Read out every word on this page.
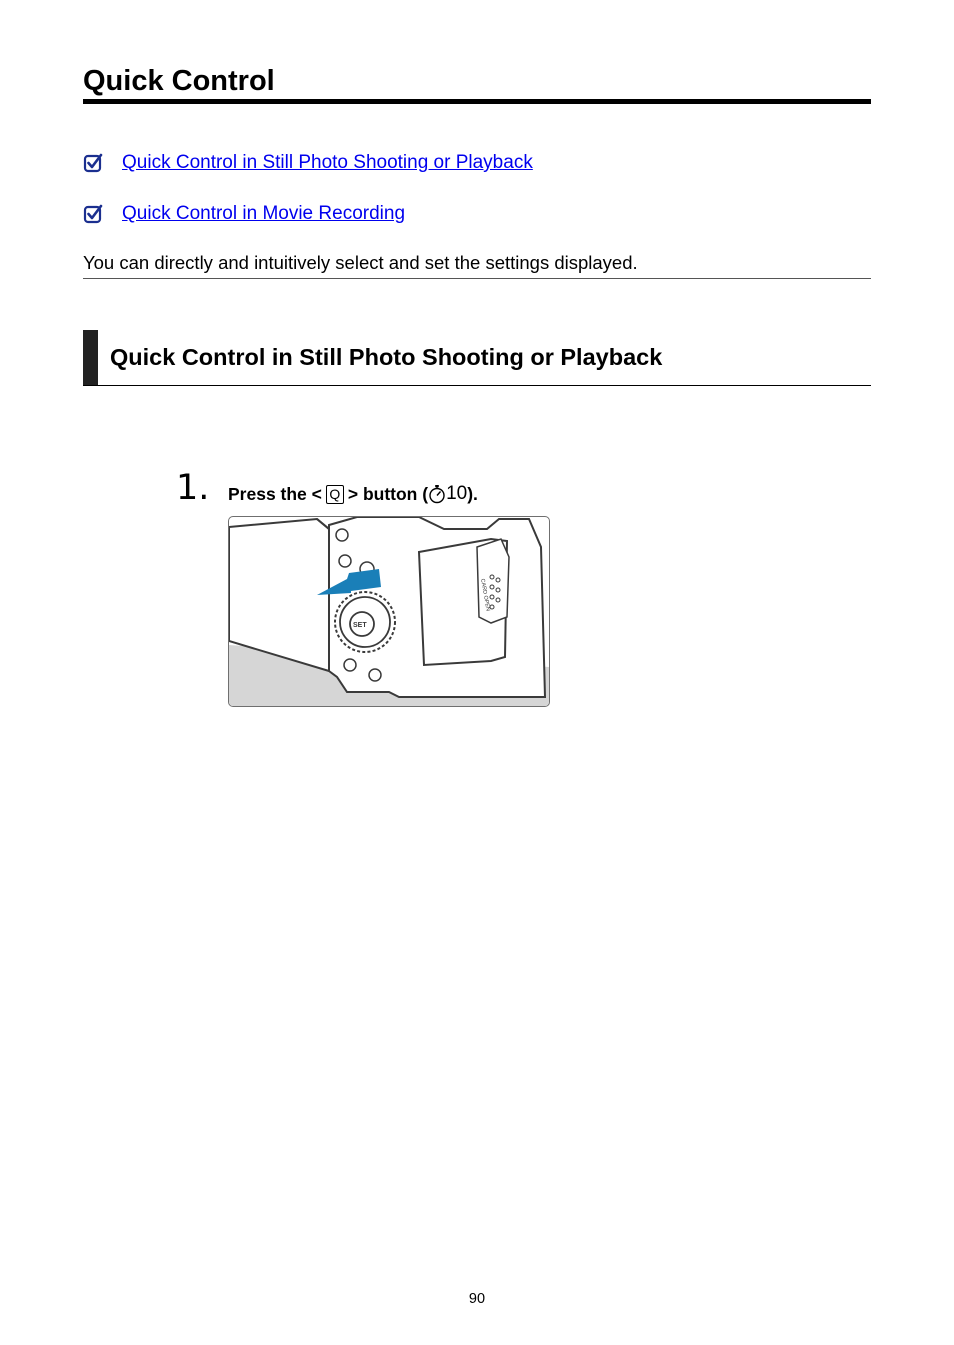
Quick Control
Quick Control in Still Photo Shooting or Playback
Quick Control in Movie Recording

You can directly and intuitively select and set the settings displayed.

Quick Control in Still Photo Shooting or Playback
1. Press the < Q > button ( 10 ).
CARD OPEN
SET
90
